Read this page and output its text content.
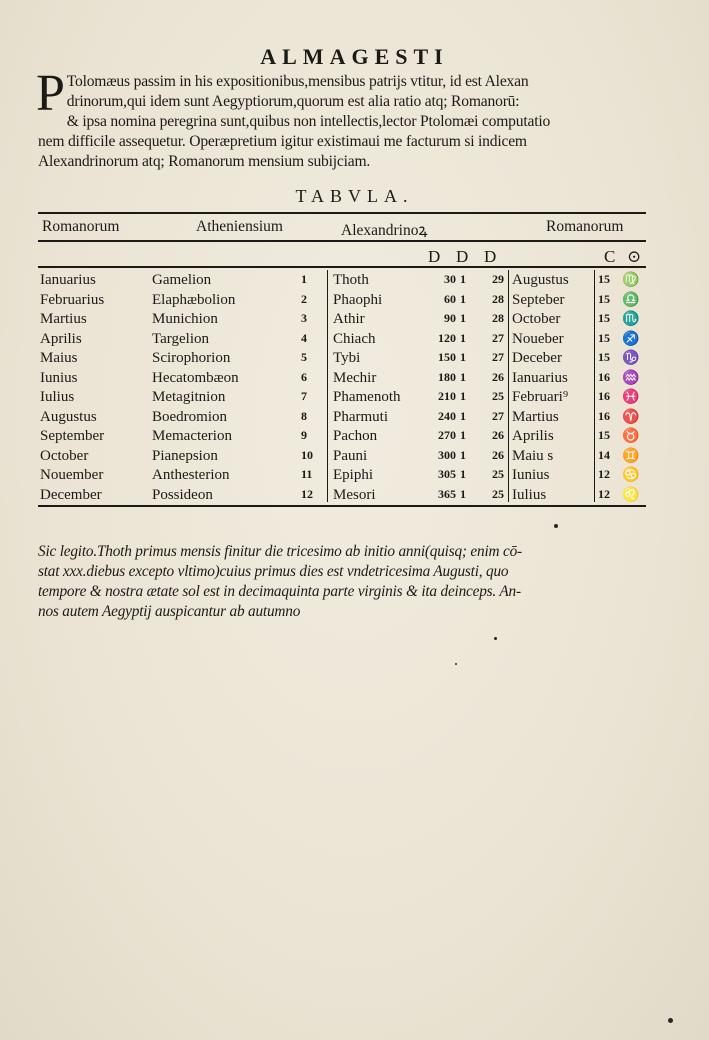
ALMAGESTI
P Tolomæus passim in his expositionibus,mensibus patrijs vtitur, id est Alexan
drinorum,qui idem sunt Aegyptiorum,quorum est alia ratio atq; Romanorū:
& ipsa nomina peregrina sunt,quibus non intellectis,lector Ptolomæi computatio
nem difficile assequetur. Operæpretium igitur existimaui me facturum si indicem
Alexandrinorum atq; Romanorum mensium subijciam.
TABVLA.
Romanorum	Atheniensium	Alexandrinoꝝ	Romanorum
D D D	C ⊙
Ianuarius	Gamelion	1 Thoth	30 1	29 Augustus 15 ♍
Februarius	Elaphæbolion	2 Phaophi	60 1	28 Septeber	15 ♎
Martius	Munichion	3 Athir	90 1	28 October	15 ♏
Aprilis	Targelion	4 Chiach	120 1	27 Noueber	15 ♐
Maius	Scirophorion	5 Tybi	150 1	27 Deceber	15 ♑
Iunius	Hecatombæon	6 Mechir	180 1	26 Ianuarius	16 ♒
Iulius	Metagitnion	7 Phamenoth	210 1	25 Februari⁹ 16 ♓
Augustus	Boedromion	8 Pharmuti	240 1	27 Martius	16 ♈
September	Memacterion	9 Pachon	270 1	26 Aprilis	15 ♉
October	Pianepsion	10 Pauni	300 1	26 Maiu s	14 ♊
Nouember	Anthesterion	11 Epiphi	305 1	25 Iunius	12 ♋
December	Possideon	12 Mesori	365 1	25 Iulius	12 ♌
Sic legito.Thoth primus mensis finitur die tricesimo ab initio anni(quisq; enim cō-
stat xxx.diebus excepto vltimo)cuius primus dies est vndetricesima Augusti, quo
tempore & nostra ætate sol est in decimaquinta parte virginis & ita deinceps. An-
nos autem Aegyptij auspicantur ab autumno
